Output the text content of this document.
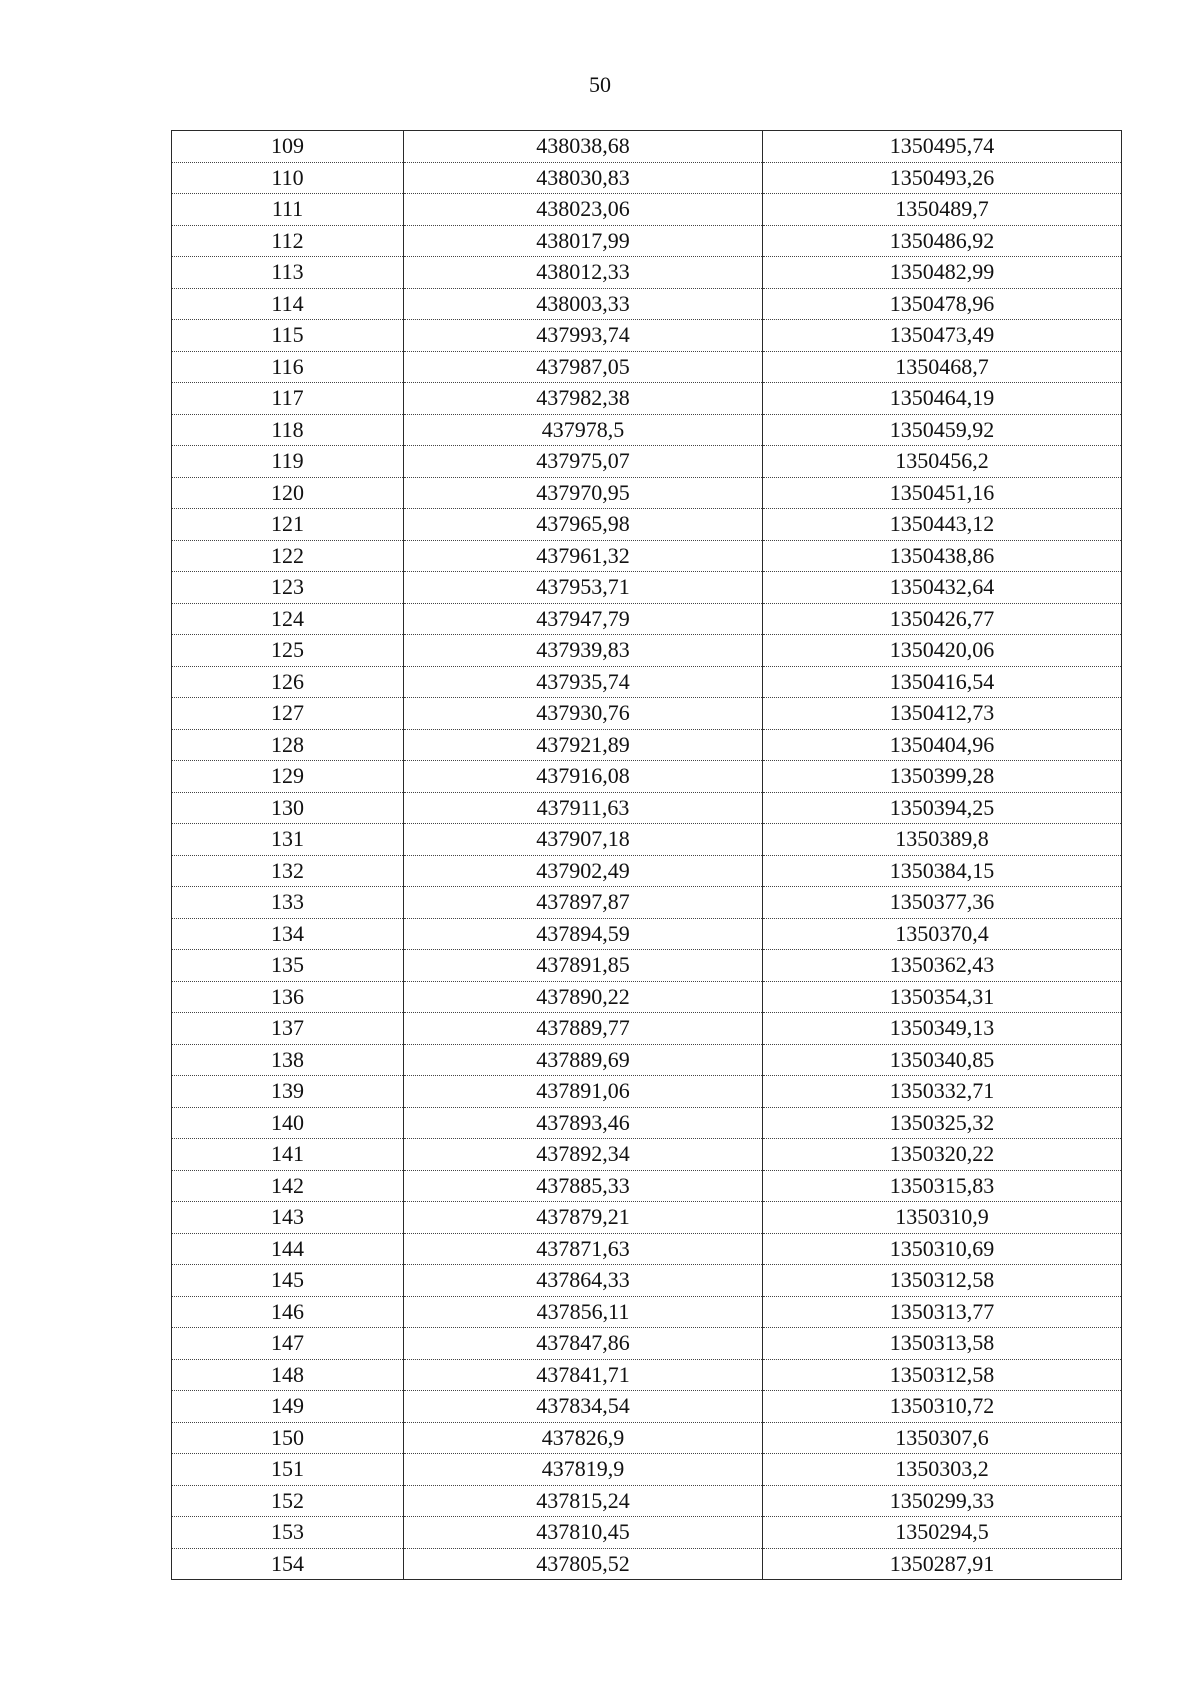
50
109	438038,68	1350495,74
110	438030,83	1350493,26
111	438023,06	1350489,7
112	438017,99	1350486,92
113	438012,33	1350482,99
114	438003,33	1350478,96
115	437993,74	1350473,49
116	437987,05	1350468,7
117	437982,38	1350464,19
118	437978,5	1350459,92
119	437975,07	1350456,2
120	437970,95	1350451,16
121	437965,98	1350443,12
122	437961,32	1350438,86
123	437953,71	1350432,64
124	437947,79	1350426,77
125	437939,83	1350420,06
126	437935,74	1350416,54
127	437930,76	1350412,73
128	437921,89	1350404,96
129	437916,08	1350399,28
130	437911,63	1350394,25
131	437907,18	1350389,8
132	437902,49	1350384,15
133	437897,87	1350377,36
134	437894,59	1350370,4
135	437891,85	1350362,43
136	437890,22	1350354,31
137	437889,77	1350349,13
138	437889,69	1350340,85
139	437891,06	1350332,71
140	437893,46	1350325,32
141	437892,34	1350320,22
142	437885,33	1350315,83
143	437879,21	1350310,9
144	437871,63	1350310,69
145	437864,33	1350312,58
146	437856,11	1350313,77
147	437847,86	1350313,58
148	437841,71	1350312,58
149	437834,54	1350310,72
150	437826,9	1350307,6
151	437819,9	1350303,2
152	437815,24	1350299,33
153	437810,45	1350294,5
154	437805,52	1350287,91
